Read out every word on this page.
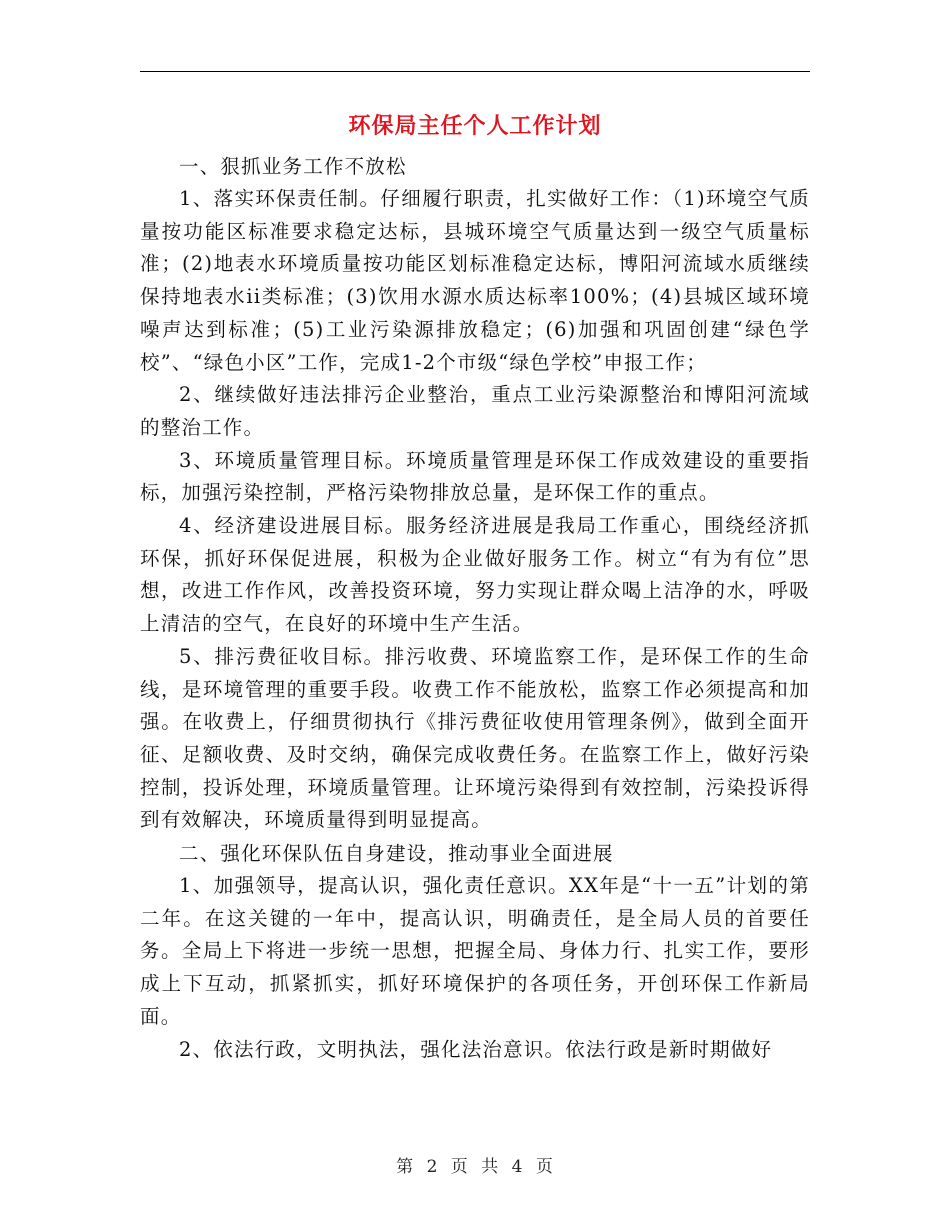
环保局主任个人工作计划

一、狠抓业务工作不放松

1、落实环保责任制。仔细履行职责，扎实做好工作：（1)环境空气质量按功能区标准要求稳定达标，县城环境空气质量达到一级空气质量标准；(2)地表水环境质量按功能区划标准稳定达标，博阳河流域水质继续保持地表水ii类标准；(3)饮用水源水质达标率100%；(4)县城区域环境噪声达到标准；(5)工业污染源排放稳定；(6)加强和巩固创建“绿色学校”、“绿色小区”工作，完成1-2个市级“绿色学校”申报工作；

2、继续做好违法排污企业整治，重点工业污染源整治和博阳河流域的整治工作。

3、环境质量管理目标。环境质量管理是环保工作成效建设的重要指标，加强污染控制，严格污染物排放总量，是环保工作的重点。

4、经济建设进展目标。服务经济进展是我局工作重心，围绕经济抓环保，抓好环保促进展，积极为企业做好服务工作。树立“有为有位”思想，改进工作作风，改善投资环境，努力实现让群众喝上洁净的水，呼吸上清洁的空气，在良好的环境中生产生活。

5、排污费征收目标。排污收费、环境监察工作，是环保工作的生命线，是环境管理的重要手段。收费工作不能放松，监察工作必须提高和加强。在收费上，仔细贯彻执行《排污费征收使用管理条例》，做到全面开征、足额收费、及时交纳，确保完成收费任务。在监察工作上，做好污染控制，投诉处理，环境质量管理。让环境污染得到有效控制，污染投诉得到有效解决，环境质量得到明显提高。

二、强化环保队伍自身建设，推动事业全面进展

1、加强领导，提高认识，强化责任意识。XX年是“十一五”计划的第二年。在这关键的一年中，提高认识，明确责任，是全局人员的首要任务。全局上下将进一步统一思想，把握全局、身体力行、扎实工作，要形成上下互动，抓紧抓实，抓好环境保护的各项任务，开创环保工作新局面。

2、依法行政，文明执法，强化法治意识。依法行政是新时期做好

第 2 页 共 4 页
